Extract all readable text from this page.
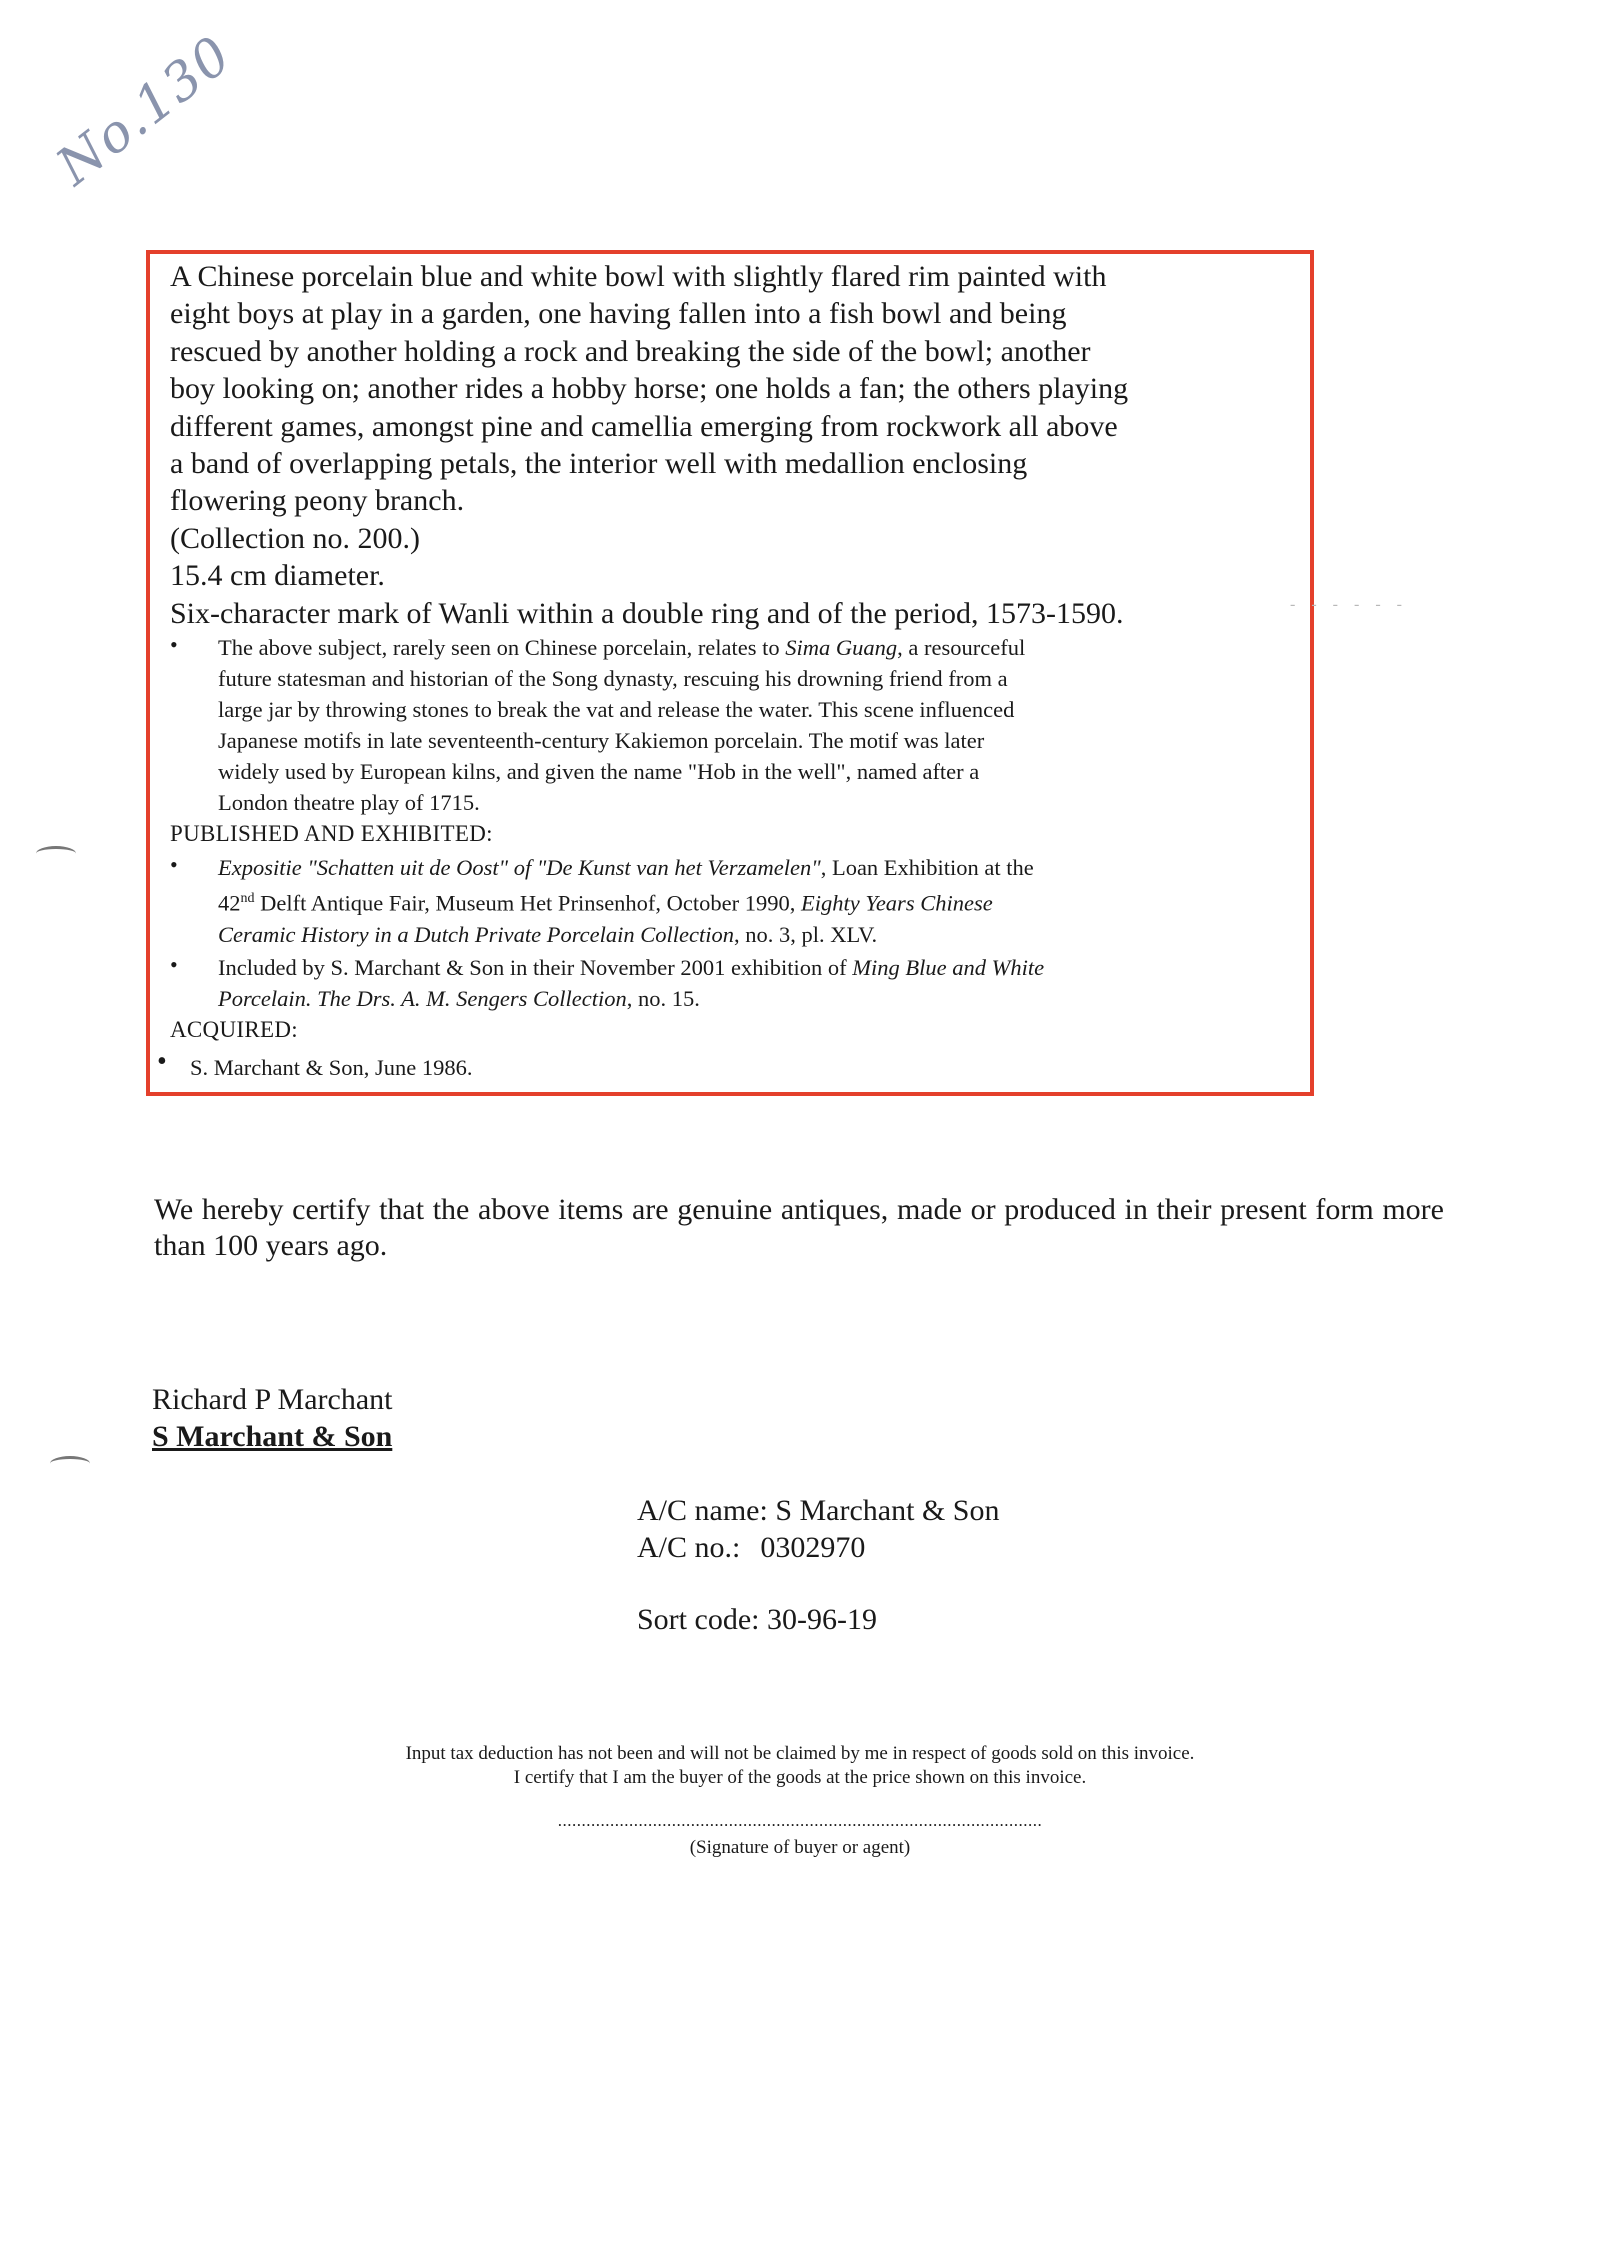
No.130
- - - - - -
A Chinese porcelain blue and white bowl with slightly flared rim painted with
eight boys at play in a garden, one having fallen into a fish bowl and being
rescued by another holding a rock and breaking the side of the bowl; another
boy looking on; another rides a hobby horse; one holds a fan; the others playing
different games, amongst pine and camellia emerging from rockwork all above
a band of overlapping petals, the interior well with medallion enclosing
flowering peony branch.
(Collection no. 200.)
15.4 cm diameter.
Six-character mark of Wanli within a double ring and of the period, 1573-1590.
• The above subject, rarely seen on Chinese porcelain, relates to Sima Guang, a resourceful
future statesman and historian of the Song dynasty, rescuing his drowning friend from a
large jar by throwing stones to break the vat and release the water. This scene influenced
Japanese motifs in late seventeenth-century Kakiemon porcelain. The motif was later
widely used by European kilns, and given the name "Hob in the well", named after a
London theatre play of 1715.
PUBLISHED AND EXHIBITED:
• Expositie "Schatten uit de Oost" of "De Kunst van het Verzamelen", Loan Exhibition at the
42nd Delft Antique Fair, Museum Het Prinsenhof, October 1990, Eighty Years Chinese
Ceramic History in a Dutch Private Porcelain Collection, no. 3, pl. XLV.
• Included by S. Marchant & Son in their November 2001 exhibition of Ming Blue and White
Porcelain. The Drs. A. M. Sengers Collection, no. 15.
ACQUIRED:
• S. Marchant & Son, June 1986.
We hereby certify that the above items are genuine antiques, made or produced in their present form more than 100 years ago.
Richard P Marchant
S Marchant & Son
A/C name: S Marchant & Son
A/C no.: 0302970
Sort code: 30-96-19
Input tax deduction has not been and will not be claimed by me in respect of goods sold on this invoice.
I certify that I am the buyer of the goods at the price shown on this invoice.
......................................................................................................
(Signature of buyer or agent)
